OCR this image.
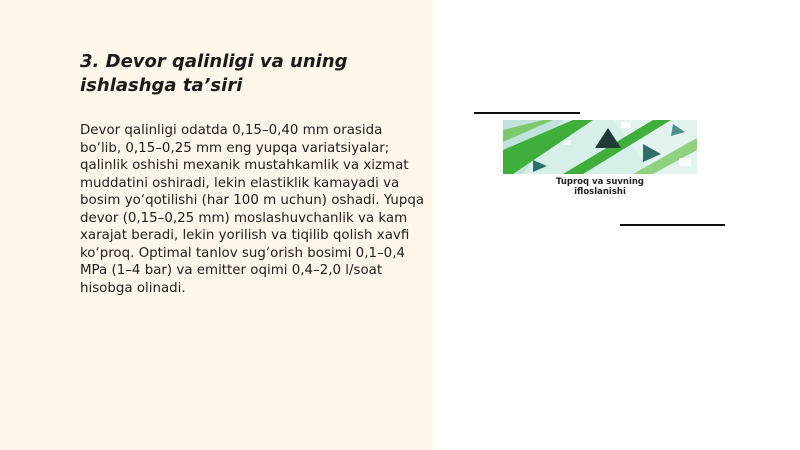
3. Devor qalinligi va uning ishlashga ta’siri

Devor qalinligi odatda 0,15–0,40 mm orasida bo‘lib, 0,15–0,25 mm eng yupqa variatsiyalar; qalinlik oshishi mexanik mustahkamlik va xizmat muddatini oshiradi, lekin elastiklik kamayadi va bosim yo‘qotilishi (har 100 m uchun) oshadi. Yupqa devor (0,15–0,25 mm) moslashuvchanlik va kam xarajat beradi, lekin yorilish va tiqilib qolish xavfi ko‘proq. Optimal tanlov sug‘orish bosimi 0,1–0,4 MPa (1–4 bar) va emitter oqimi 0,4–2,0 l/soat hisobga olinadi.

Tuproq va suvning ifloslanishi
